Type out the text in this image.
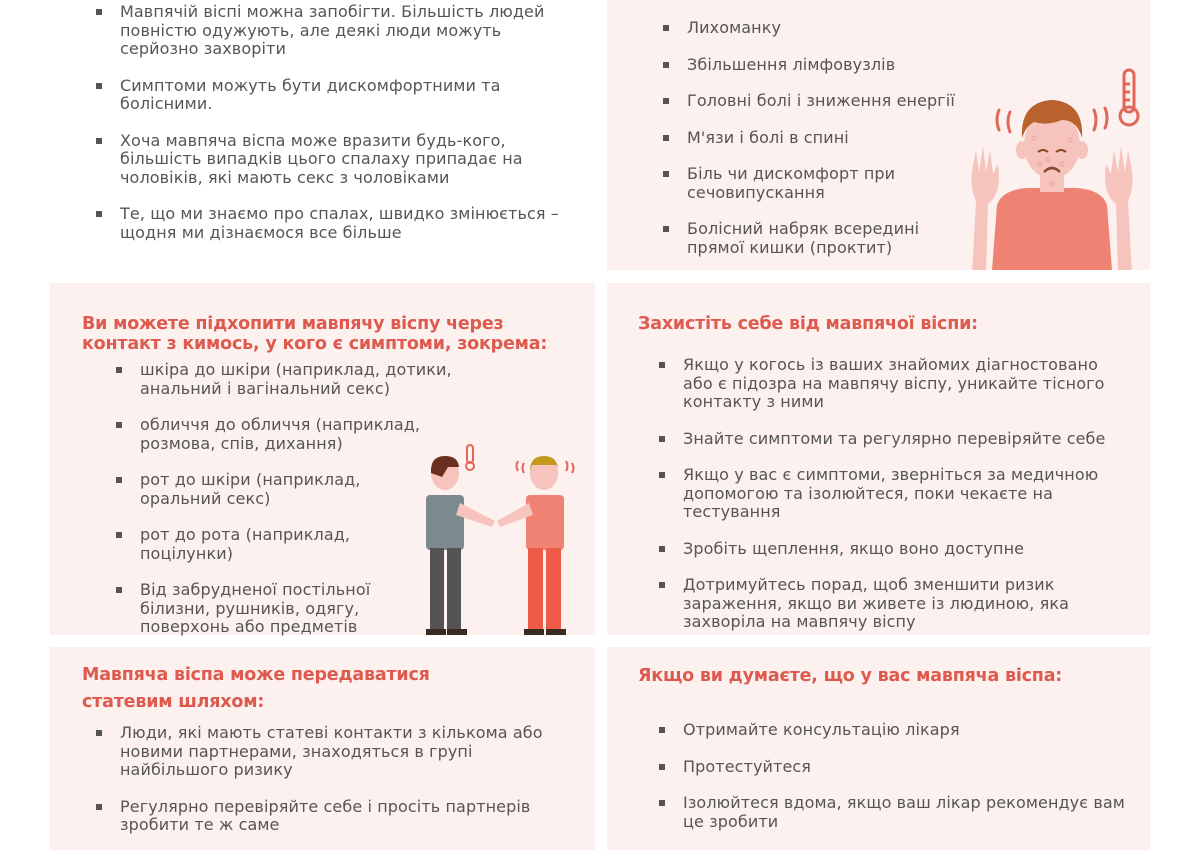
Мавпячій віспі можна запобігти. Більшість людей повністю одужують, але деякі люди можуть серйозно захворіти
Симптоми можуть бути дискомфортними та болісними.
Хоча мавпяча віспа може вразити будь-кого, більшість випадків цього спалаху припадає на чоловіків, які мають секс з чоловіками
Те, що ми знаємо про спалах, швидко змінюється – щодня ми дізнаємося все більше
Лихоманку
Збільшення лімфовузлів
Головні болі і зниження енергії
М'язи і болі в спині
Біль чи дискомфорт при сечовипускання
Болісний набряк всередині прямої кишки (проктит)
Ви можете підхопити мавпячу віспу через контакт з кимось, у кого є симптоми, зокрема:
шкіра до шкіри (наприклад, дотики, анальний і вагінальний секс)
обличчя до обличчя (наприклад, розмова, спів, дихання)
рот до шкіри (наприклад, оральний секс)
рот до рота (наприклад, поцілунки)
Від забрудненої постільної білизни, рушників, одягу, поверхонь або предметів
Захистіть себе від мавпячої віспи:
Якщо у когось із ваших знайомих діагностовано або є підозра на мавпячу віспу, уникайте тісного контакту з ними
Знайте симптоми та регулярно перевіряйте себе
Якщо у вас є симптоми, зверніться за медичною допомогою та ізолюйтеся, поки чекаєте на тестування
Зробіть щеплення, якщо воно доступне
Дотримуйтесь порад, щоб зменшити ризик зараження, якщо ви живете із людиною, яка захворіла на мавпячу віспу
Мавпяча віспа може передаватися статевим шляхом:
Люди, які мають статеві контакти з кількома або новими партнерами, знаходяться в групі найбільшого ризику
Регулярно перевіряйте себе і просіть партнерів зробити те ж саме
Якщо ви думаєте, що у вас мавпяча віспа:
Отримайте консультацію лікаря
Протестуйтеся
Ізолюйтеся вдома, якщо ваш лікар рекомендує вам це зробити
